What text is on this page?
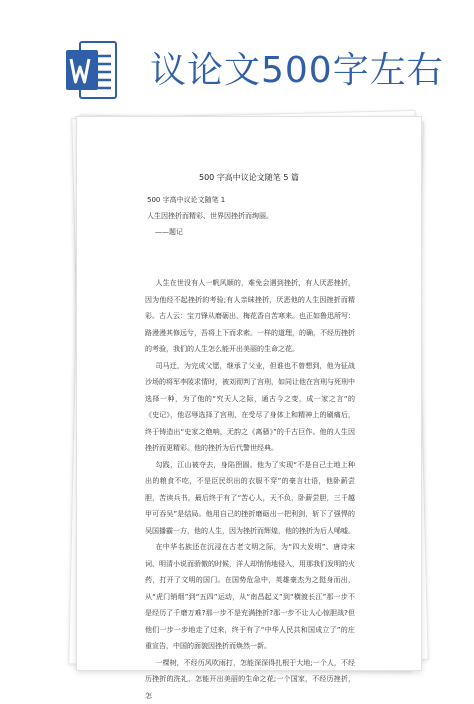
议论文500字左右
500 字高中议论文随笔 5 篇
500 字高中议论文随笔 1
人生因挫折而精彩、世界因挫折而绚丽。
——题记

人生在世没有人一帆风顺的，难免会遇到挫折，有人厌恶挫折，因为他经不起挫折的考验;有人亲昧挫折，厌恶他的人生因挫折而精彩。古人云：宝刀锋从磨砺出，梅花香自苦寒来。也正如鲁迅所写：路漫漫其修远兮，吾将上下而求索。一样的道理，的确，不经历挫折的考验，我们的人生怎么能开出美丽的生命之花。

司马迁，为完成父愿，继承了父业，但谁也不曾想到，他为征战沙场的将军李陵求情时，被刘彻判了宫刑，如同让他在宫刑与死刑中选择一种，为了他的“究天人之际，通古今之变，成一家之言”的《史记》，他忍辱选择了宫刑，在受尽了身体上和精神上的刷痛后，终于铸造出“史家之绝响，无韵之《离骚》”的千古巨作。他的人生因挫折而更精彩。他的挫折为后代警世经典。

勾践，江山被夺去，身陷囹圄。他为了实现“不是自己土地上种出的粮食不吃，不是臣民织出的衣服不穿”的豪言壮语，他卧薪尝胆，苦读兵书，最后终于有了“苦心人，天不负，卧薪尝胆，三千越甲可吞吴”是结局。他用自己的挫折磨砺出一把利剑，斩下了强悍的吴国播霸一方，他的人生，因为挫折而辉煌，他的挫折为后人唏嘘。

在中华名族还在沉浸在古老文明之际，为“四大发明”、唐诗宋词、明清小说而骄傲的时候，洋人却悄悄地侵入，用那我们发明的火药，打开了文明的国门。在国势危急中，英雄豪杰为之挺身而出，从“虎门销烟”到“五四”运动，从“南昌起义”到“横渡长江”那一步不是经历了千磨万难?那一步不是充满挫折?那一步不让人心惊胆战?但他们一步一步地走了过来，终于有了“中华人民共和国成立了”的庄重宣告，中国的面貌因挫折而焕然一新。

一棵树，不经历风吹雨打，怎能深深得扎根于大地;一个人，不经历挫折的洗礼，怎能开出美丽的生命之花;一个国家，不经历挫折，怎
